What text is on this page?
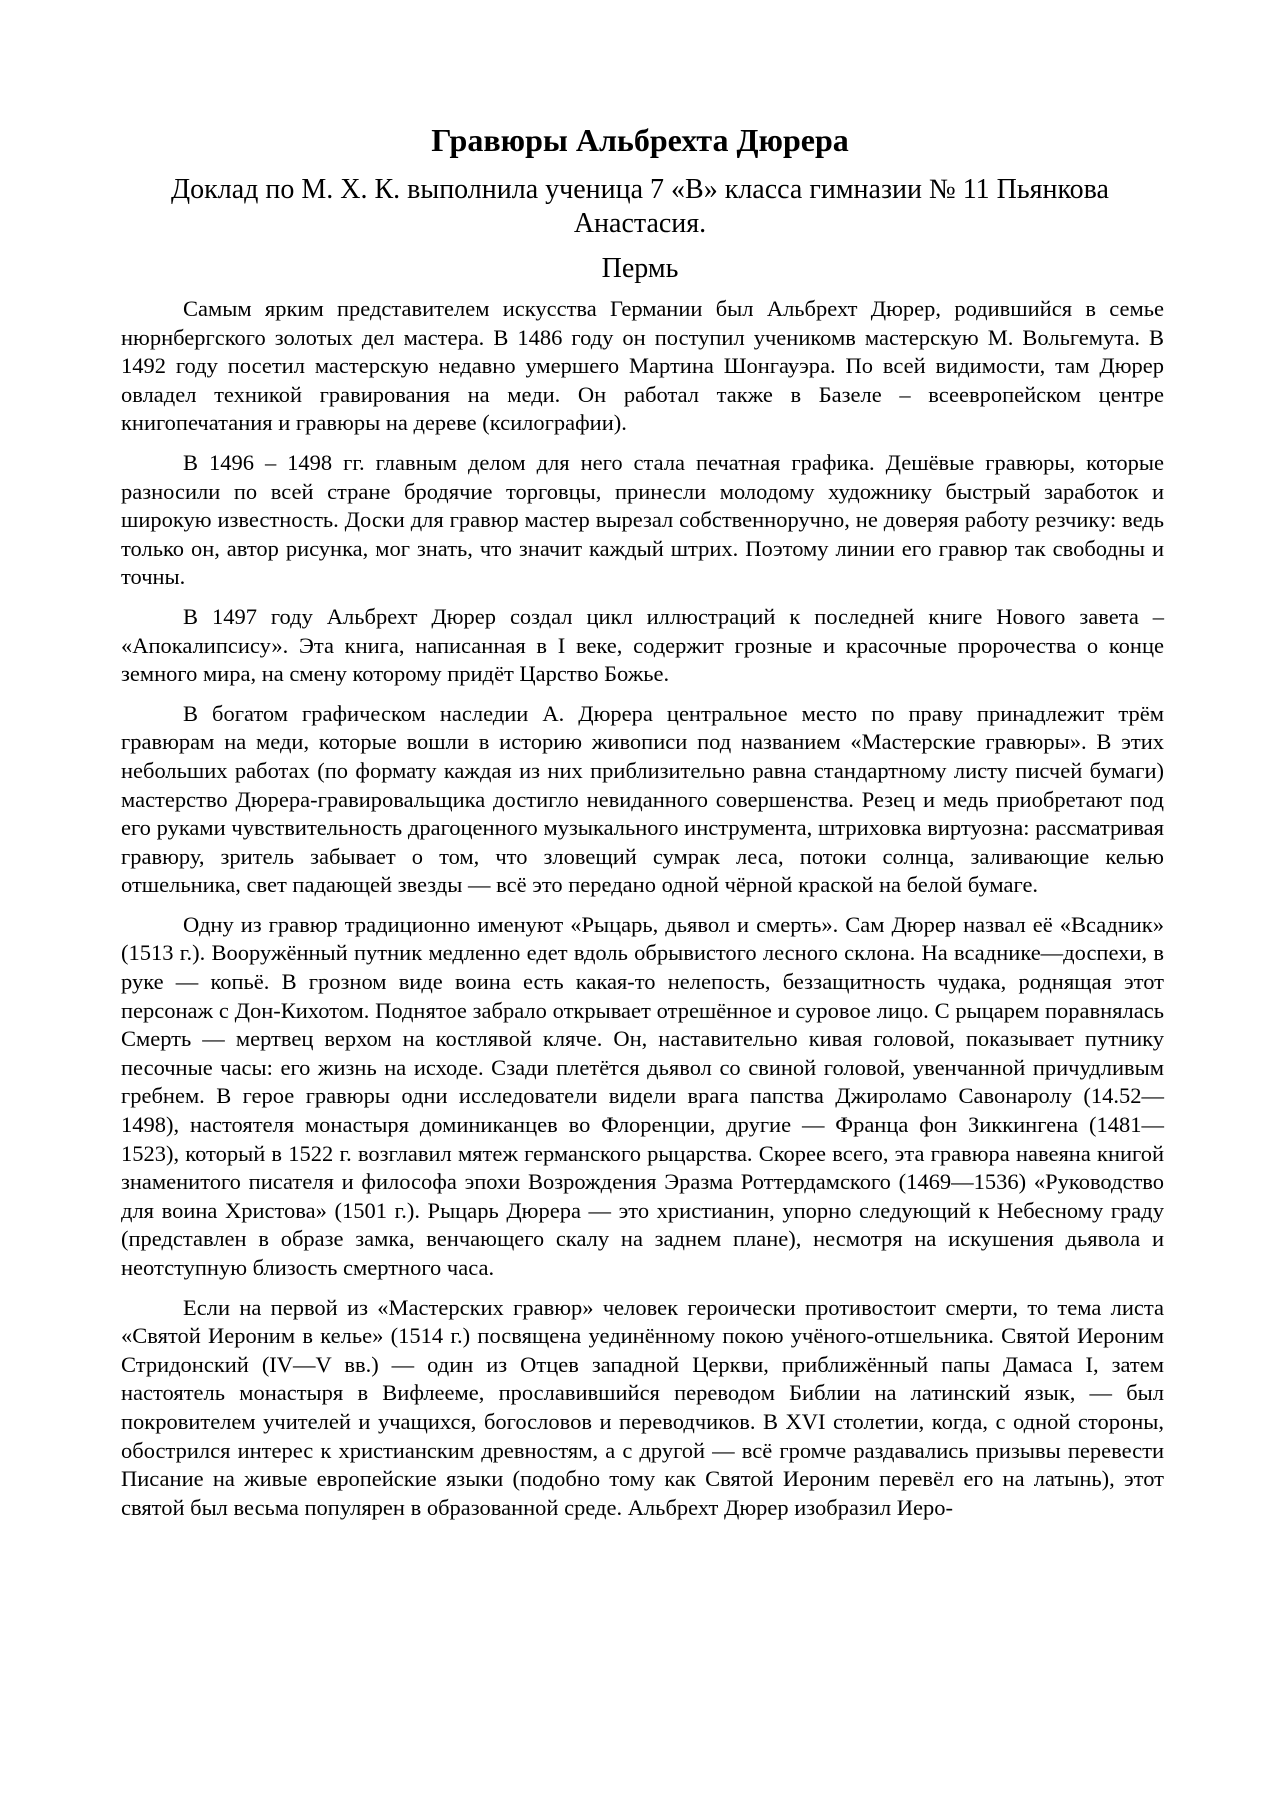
Гравюры Альбрехта Дюрера

Доклад по М. Х. К. выполнила ученица 7 «В» класса гимназии № 11 Пьянкова Анастасия.

Пермь

Самым ярким представителем искусства Германии был Альбрехт Дюрер, родившийся в семье нюрнбергского золотых дел мастера. В 1486 году он поступил ученикомв мастерскую М. Вольгемута. В 1492 году посетил мастерскую недавно умершего Мартина Шонгауэра. По всей видимости, там Дюрер овладел техникой гравирования на меди. Он работал также в Базеле – всеевропейском центре книгопечатания и гравюры на дереве (ксилографии).

В 1496 – 1498 гг. главным делом для него стала печатная графика. Дешёвые гравюры, которые разносили по всей стране бродячие торговцы, принесли молодому художнику быстрый заработок и широкую известность. Доски для гравюр мастер вырезал собственноручно, не доверяя работу резчику: ведь только он, автор рисунка, мог знать, что значит каждый штрих. Поэтому линии его гравюр так свободны и точны.

В 1497 году Альбрехт Дюрер создал цикл иллюстраций к последней книге Нового завета – «Апокалипсису». Эта книга, написанная в I веке, содержит грозные и красочные пророчества о конце земного мира, на смену которому придёт Царство Божье.

В богатом графическом наследии А. Дюрера центральное место по праву принадлежит трём гравюрам на меди, которые вошли в историю живописи под названием «Мастерские гравюры». В этих небольших работах (по формату каждая из них приблизительно равна стандартному листу писчей бумаги) мастерство Дюрера-гравировальщика достигло невиданного совершенства. Резец и медь приобретают под его руками чувствительность драгоценного музыкального инструмента, штриховка виртуозна: рассматривая гравюру, зритель забывает о том, что зловещий сумрак леса, потоки солнца, заливающие келью отшельника, свет падающей звезды — всё это передано одной чёрной краской на белой бумаге.

Одну из гравюр традиционно именуют «Рыцарь, дьявол и смерть». Сам Дюрер назвал её «Всадник» (1513 г.). Вооружённый путник медленно едет вдоль обрывистого лесного склона. На всаднике—доспехи, в руке — копьё. В грозном виде воина есть какая-то нелепость, беззащитность чудака, роднящая этот персонаж с Дон-Кихотом. Поднятое забрало открывает отрешённое и суровое лицо. С рыцарем поравнялась Смерть — мертвец верхом на костлявой кляче. Он, наставительно кивая головой, показывает путнику песочные часы: его жизнь на исходе. Сзади плетётся дьявол со свиной головой, увенчанной причудливым гребнем. В герое гравюры одни исследователи видели врага папства Джироламо Савонаролу (14.52— 1498), настоятеля монастыря доминиканцев во Флоренции, другие — Франца фон Зиккингена (1481— 1523), который в 1522 г. возглавил мятеж германского рыцарства. Скорее всего, эта гравюра навеяна книгой знаменитого писателя и философа эпохи Возрождения Эразма Роттердамского (1469—1536) «Руководство для воина Христова» (1501 г.). Рыцарь Дюрера — это христианин, упорно следующий к Небесному граду (представлен в образе замка, венчающего скалу на заднем плане), несмотря на искушения дьявола и неотступную близость смертного часа.

Если на первой из «Мастерских гравюр» человек героически противостоит смерти, то тема листа «Святой Иероним в келье» (1514 г.) посвящена уединённому покою учёного-отшельника. Святой Иероним Стридонский (IV—V вв.) — один из Отцев западной Церкви, приближённый папы Дамаса I, затем настоятель монастыря в Вифлееме, прославившийся переводом Библии на латинский язык, — был покровителем учителей и учащихся, богословов и переводчиков. В XVI столетии, когда, с одной стороны, обострился интерес к христианским древностям, а с другой — всё громче раздавались призывы перевести Писание на живые европейские языки (подобно тому как Святой Иероним перевёл его на латынь), этот святой был весьма популярен в образованной среде. Альбрехт Дюрер изобразил Иеро-
